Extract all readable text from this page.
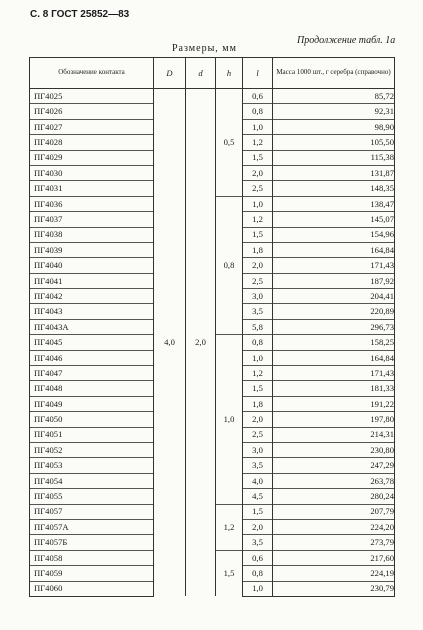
С. 8 ГОСТ 25852—83
Продолжение табл. 1а
Размеры, мм
Обозначение контакта	D	d	h	l	Масса 1000 шт., г серебра (справочно)
ПГ4025	4,0	2,0	0,5	0,6	85,72
ПГ4026				0,8	92,31
ПГ4027				1,0	98,90
ПГ4028				1,2	105,50
ПГ4029				1,5	115,38
ПГ4030				2,0	131,87
ПГ4031				2,5	148,35
ПГ4036			0,8	1,0	138,47
ПГ4037				1,2	145,07
ПГ4038				1,5	154,96
ПГ4039				1,8	164,84
ПГ4040				2,0	171,43
ПГ4041				2,5	187,92
ПГ4042				3,0	204,41
ПГ4043				3,5	220,89
ПГ4043А				5,8	296,73
ПГ4045			1,0	0,8	158,25
ПГ4046				1,0	164,84
ПГ4047				1,2	171,43
ПГ4048				1,5	181,33
ПГ4049				1,8	191,22
ПГ4050				2,0	197,80
ПГ4051				2,5	214,31
ПГ4052				3,0	230,80
ПГ4053				3,5	247,29
ПГ4054				4,0	263,78
ПГ4055				4,5	280,24
ПГ4057			1,2	1,5	207,79
ПГ4057А				2,0	224,20
ПГ4057Б				3,5	273,79
ПГ4058			1,5	0,6	217,60
ПГ4059				0,8	224,19
ПГ4060				1,0	230,79
